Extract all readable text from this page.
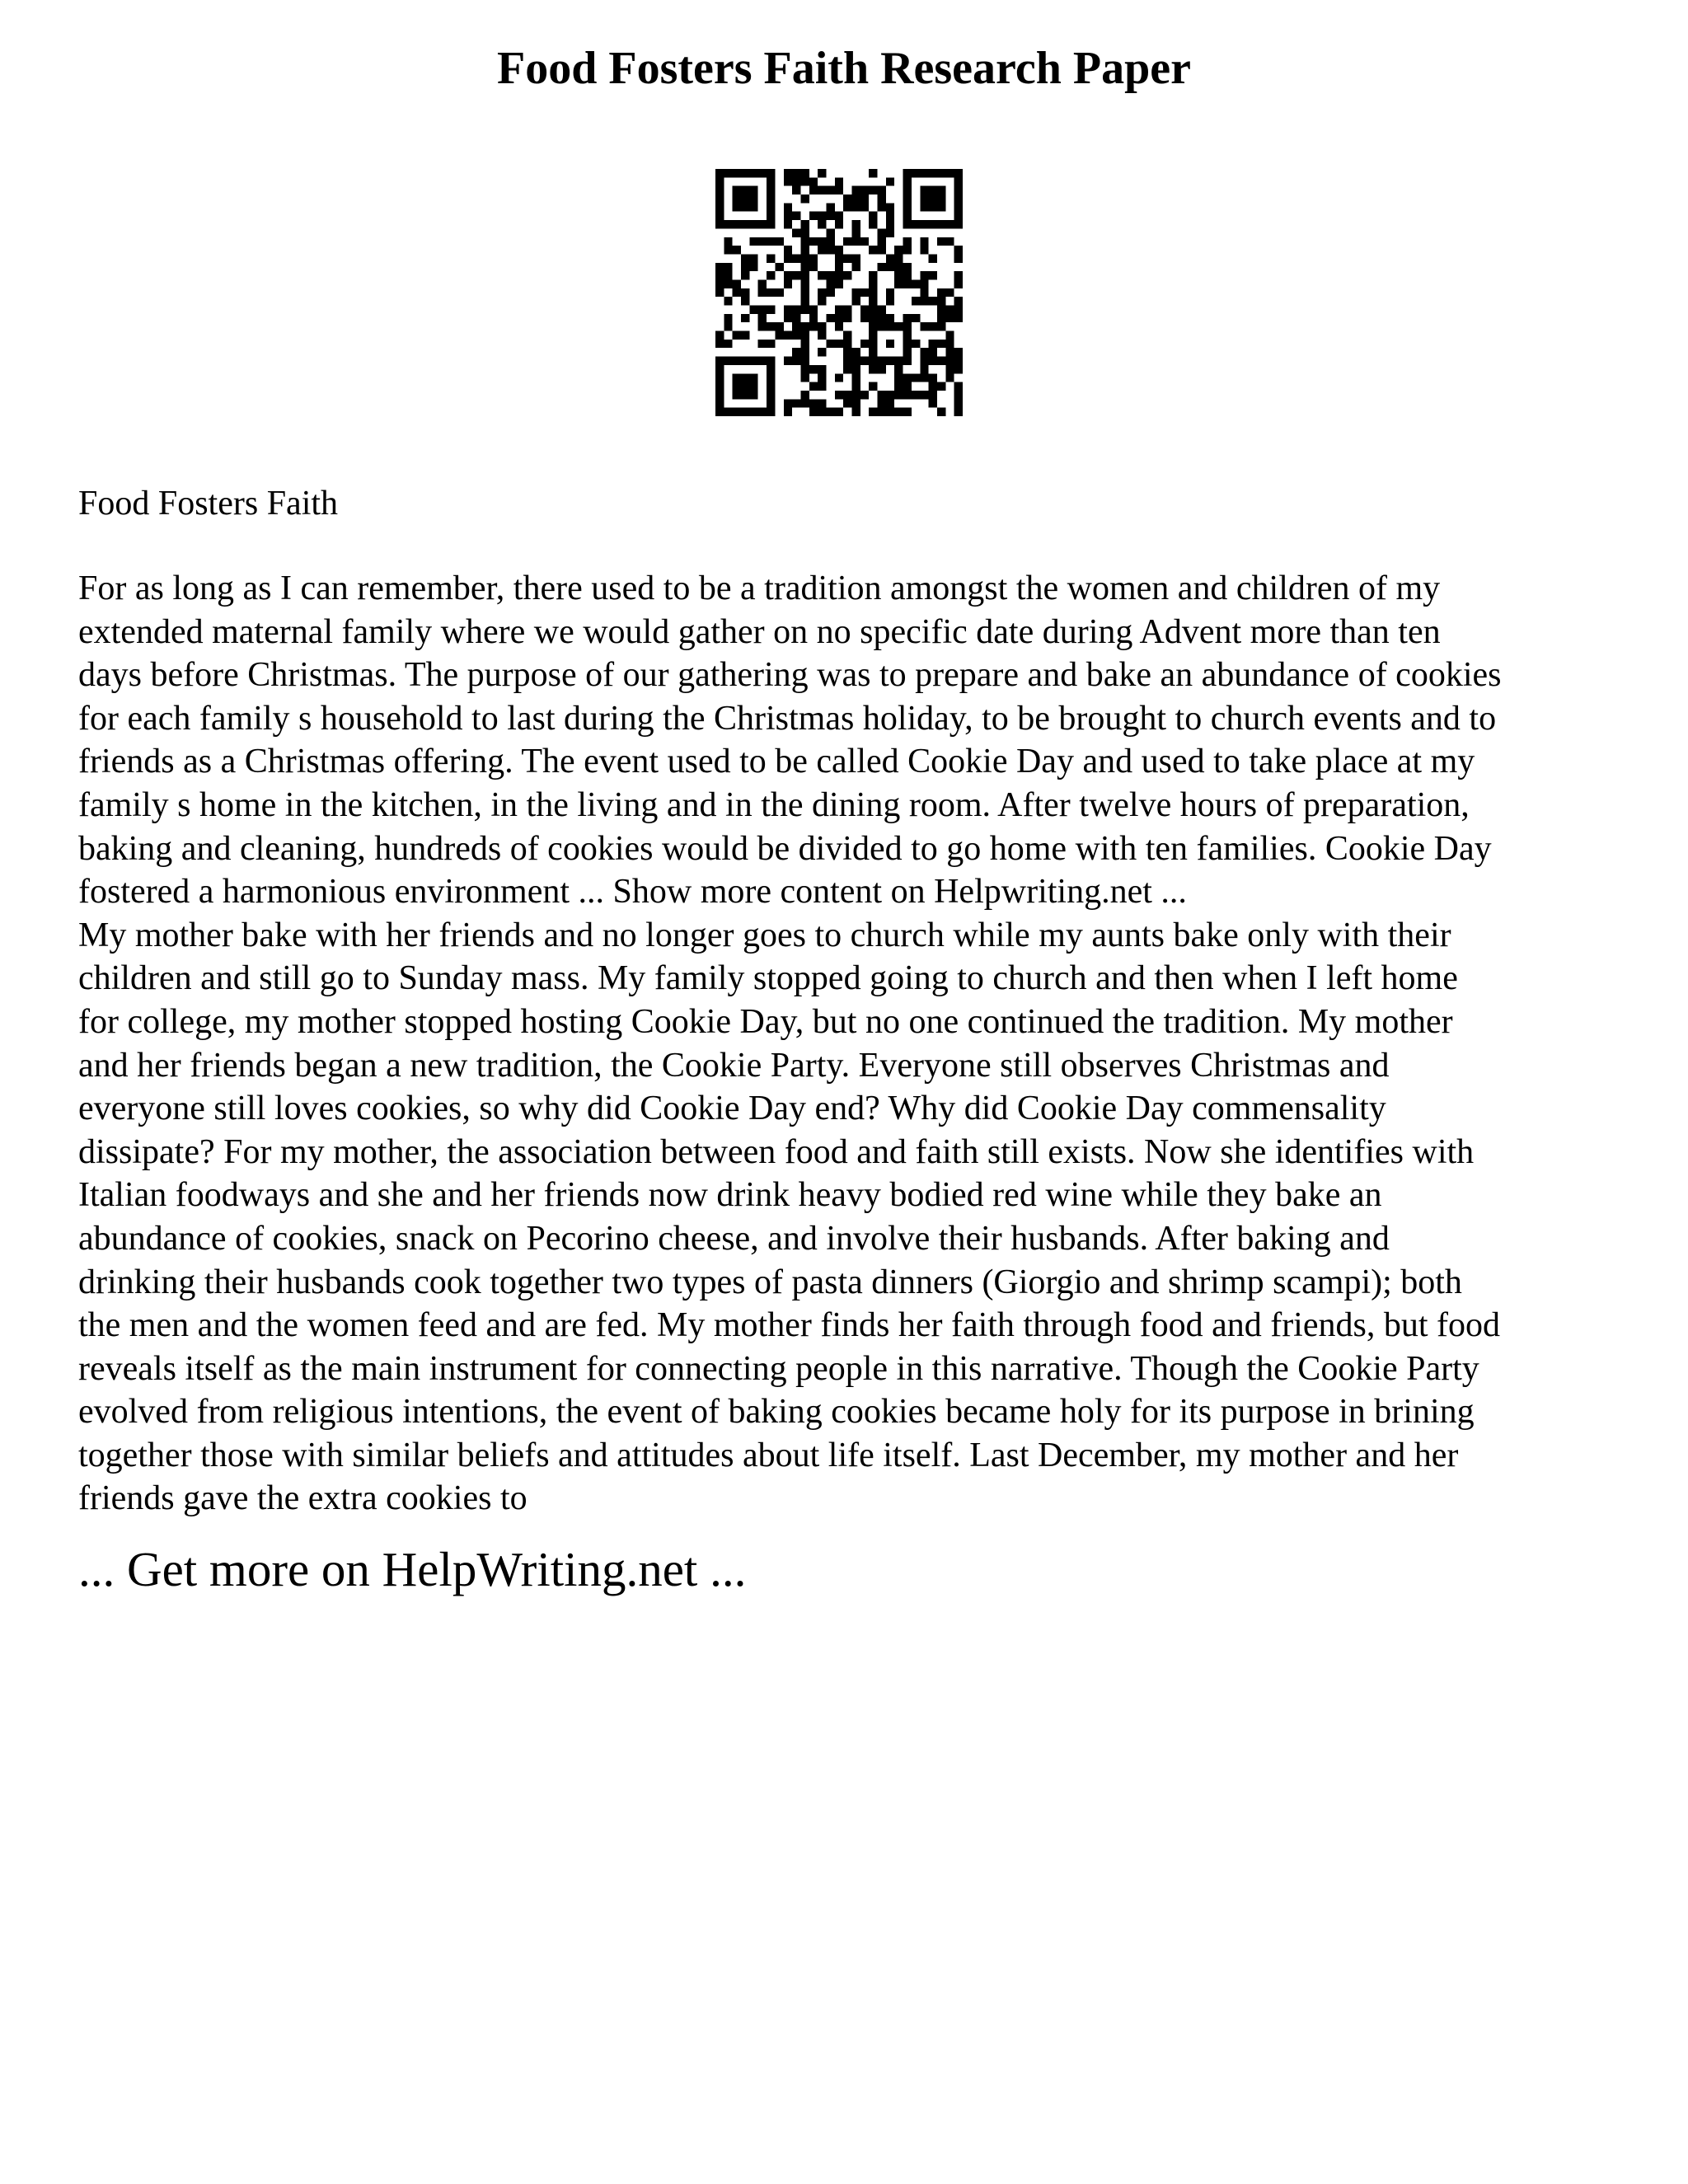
Food Fosters Faith Research Paper

Food Fosters Faith

For as long as I can remember, there used to be a tradition amongst the women and children of my
extended maternal family where we would gather on no specific date during Advent more than ten
days before Christmas. The purpose of our gathering was to prepare and bake an abundance of cookies
for each family s household to last during the Christmas holiday, to be brought to church events and to
friends as a Christmas offering. The event used to be called Cookie Day and used to take place at my
family s home in the kitchen, in the living and in the dining room. After twelve hours of preparation,
baking and cleaning, hundreds of cookies would be divided to go home with ten families. Cookie Day
fostered a harmonious environment ... Show more content on Helpwriting.net ...
My mother bake with her friends and no longer goes to church while my aunts bake only with their
children and still go to Sunday mass. My family stopped going to church and then when I left home
for college, my mother stopped hosting Cookie Day, but no one continued the tradition. My mother
and her friends began a new tradition, the Cookie Party. Everyone still observes Christmas and
everyone still loves cookies, so why did Cookie Day end? Why did Cookie Day commensality
dissipate? For my mother, the association between food and faith still exists. Now she identifies with
Italian foodways and she and her friends now drink heavy bodied red wine while they bake an
abundance of cookies, snack on Pecorino cheese, and involve their husbands. After baking and
drinking their husbands cook together two types of pasta dinners (Giorgio and shrimp scampi); both
the men and the women feed and are fed. My mother finds her faith through food and friends, but food
reveals itself as the main instrument for connecting people in this narrative. Though the Cookie Party
evolved from religious intentions, the event of baking cookies became holy for its purpose in brining
together those with similar beliefs and attitudes about life itself. Last December, my mother and her
friends gave the extra cookies to
... Get more on HelpWriting.net ...
